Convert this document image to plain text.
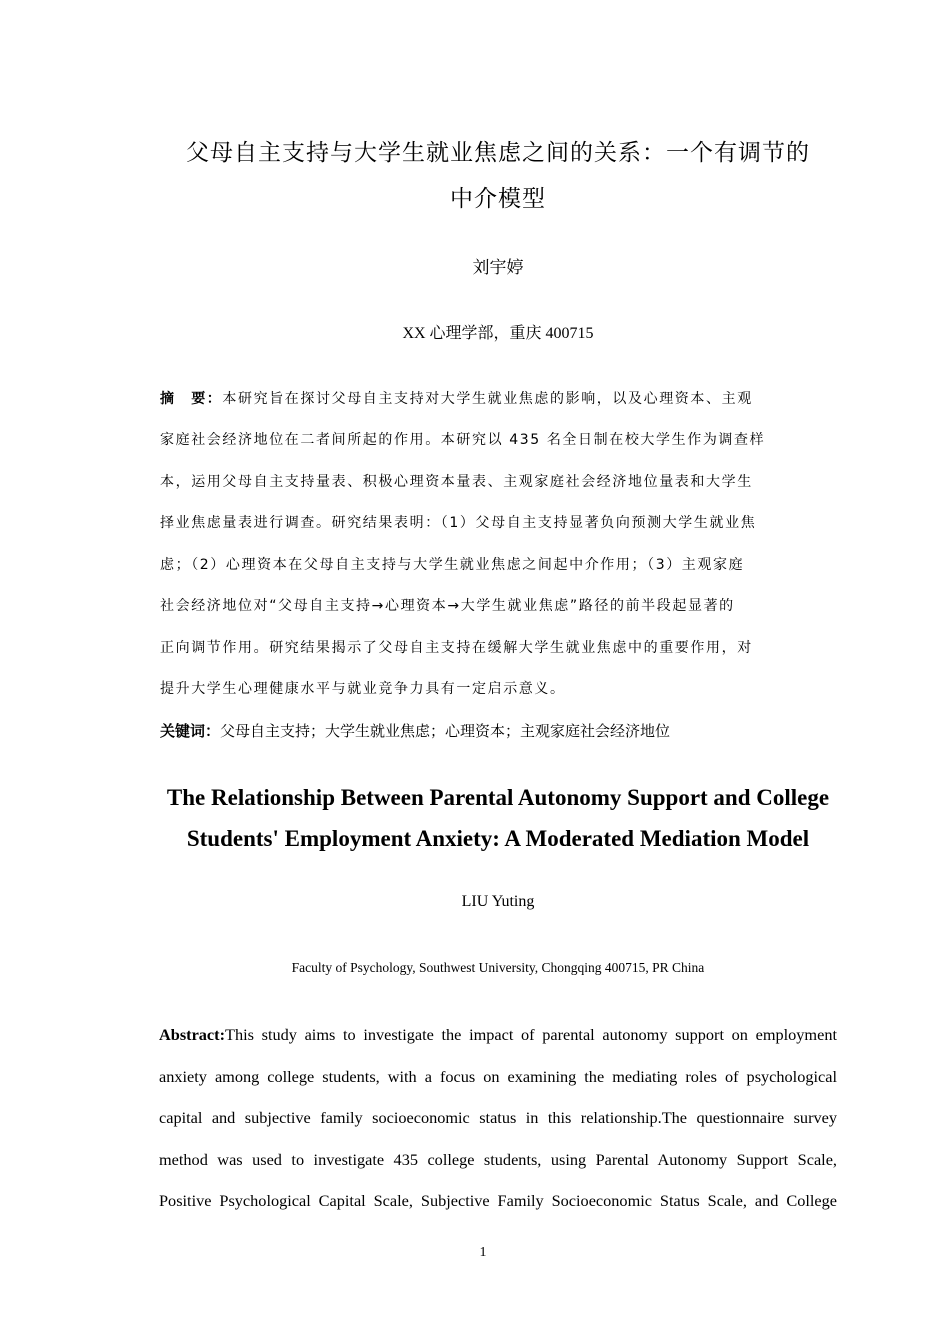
父母自主支持与大学生就业焦虑之间的关系：一个有调节的
中介模型
刘宇婷
XX 心理学部，重庆 400715
摘　要：本研究旨在探讨父母自主支持对大学生就业焦虑的影响，以及心理资本、主观
家庭社会经济地位在二者间所起的作用。本研究以 435 名全日制在校大学生作为调查样
本，运用父母自主支持量表、积极心理资本量表、主观家庭社会经济地位量表和大学生
择业焦虑量表进行调查。研究结果表明：（1）父母自主支持显著负向预测大学生就业焦
虑；（2）心理资本在父母自主支持与大学生就业焦虑之间起中介作用；（3）主观家庭
社会经济地位对“父母自主支持→心理资本→大学生就业焦虑”路径的前半段起显著的
正向调节作用。研究结果揭示了父母自主支持在缓解大学生就业焦虑中的重要作用，对
提升大学生心理健康水平与就业竞争力具有一定启示意义。
关键词：父母自主支持；大学生就业焦虑；心理资本；主观家庭社会经济地位
The Relationship Between Parental Autonomy Support and College
Students' Employment Anxiety: A Moderated Mediation Model
LIU Yuting
Faculty of Psychology, Southwest University, Chongqing 400715, PR China
Abstract:This study aims to investigate the impact of parental autonomy support on employment
anxiety among college students, with a focus on examining the mediating roles of psychological
capital and subjective family socioeconomic status in this relationship.The questionnaire survey
method was used to investigate 435 college students, using Parental Autonomy Support Scale,
Positive Psychological Capital Scale, Subjective Family Socioeconomic Status Scale, and College
1
